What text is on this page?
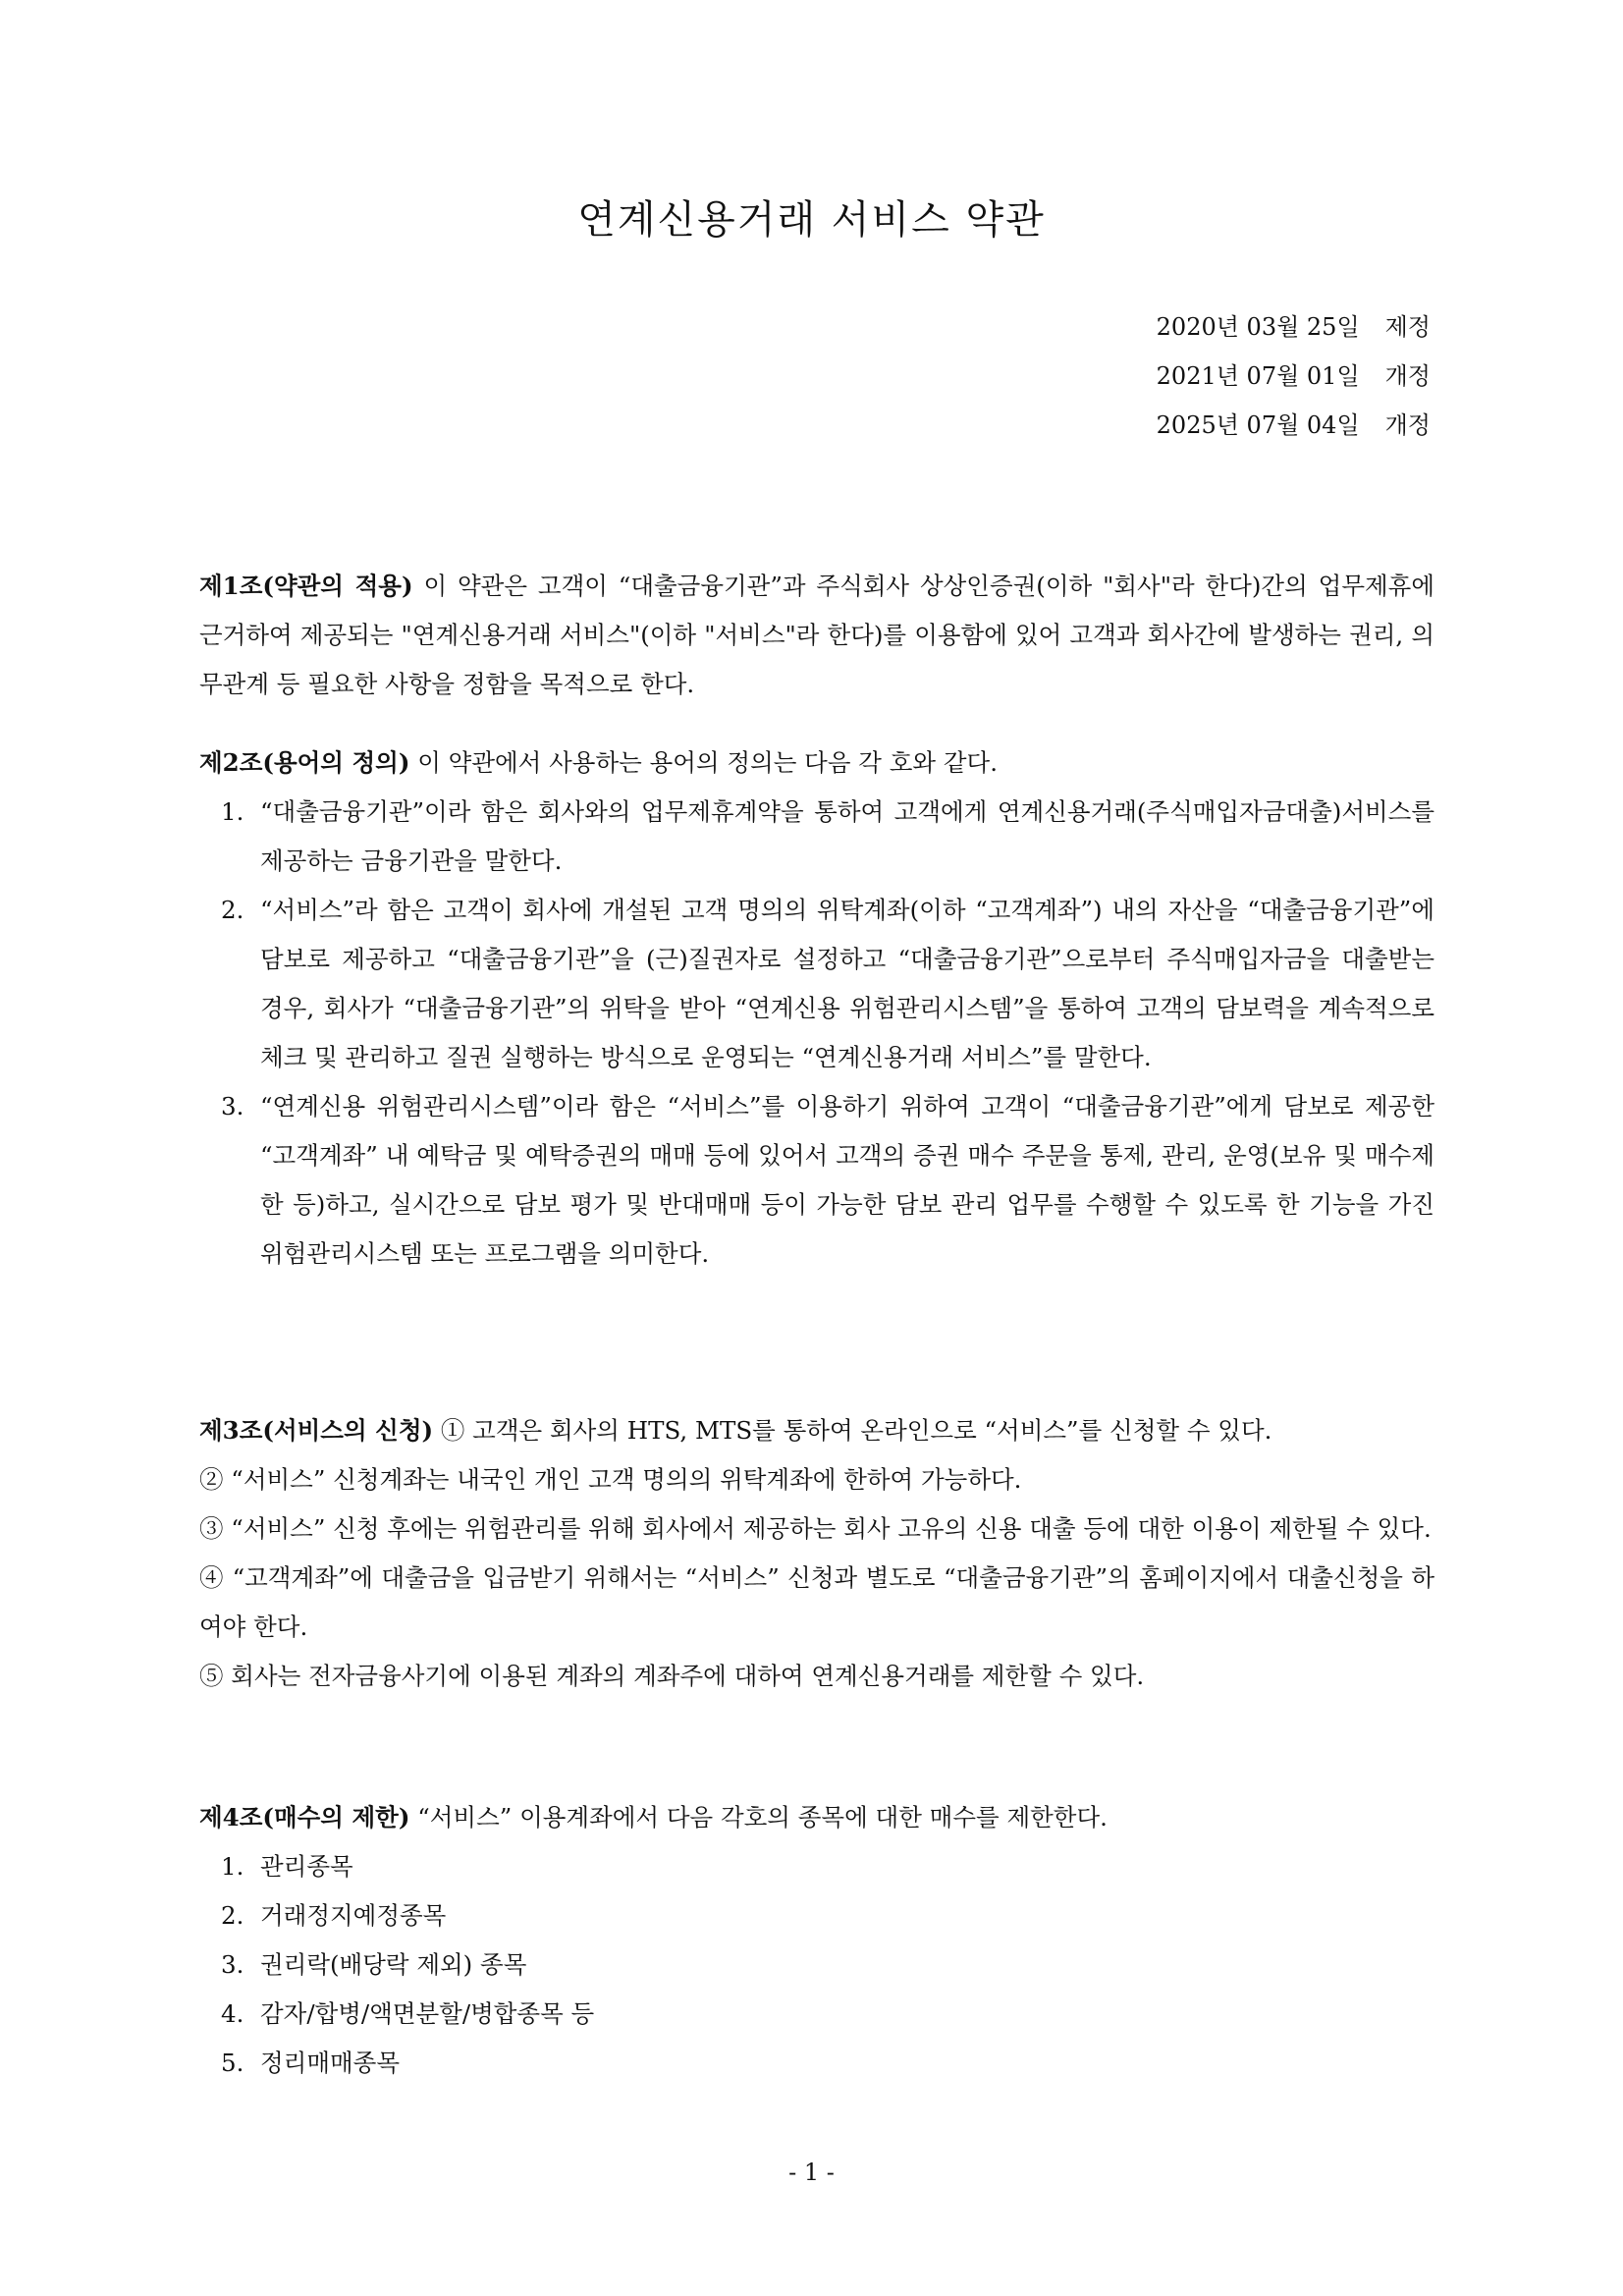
연계신용거래 서비스 약관
2020년 03월 25일 제정
2021년 07월 01일 개정
2025년 07월 04일 개정

제1조(약관의 적용) 이 약관은 고객이 “대출금융기관”과 주식회사 상상인증권(이하 "회사"라 한다)간의 업무제휴에 근거하여 제공되는 "연계신용거래 서비스"(이하 "서비스"라 한다)를 이용함에 있어 고객과 회사간에 발생하는 권리, 의무관계 등 필요한 사항을 정함을 목적으로 한다.

제2조(용어의 정의) 이 약관에서 사용하는 용어의 정의는 다음 각 호와 같다.

1. “대출금융기관”이라 함은 회사와의 업무제휴계약을 통하여 고객에게 연계신용거래(주식매입자금대출)서비스를 제공하는 금융기관을 말한다.
2. “서비스”라 함은 고객이 회사에 개설된 고객 명의의 위탁계좌(이하 “고객계좌”) 내의 자산을 “대출금융기관”에 담보로 제공하고 “대출금융기관”을 (근)질권자로 설정하고 “대출금융기관”으로부터 주식매입자금을 대출받는 경우, 회사가 “대출금융기관”의 위탁을 받아 “연계신용 위험관리시스템”을 통하여 고객의 담보력을 계속적으로 체크 및 관리하고 질권 실행하는 방식으로 운영되는 “연계신용거래 서비스”를 말한다.
3. “연계신용 위험관리시스템”이라 함은 “서비스”를 이용하기 위하여 고객이 “대출금융기관”에게 담보로 제공한 “고객계좌” 내 예탁금 및 예탁증권의 매매 등에 있어서 고객의 증권 매수 주문을 통제, 관리, 운영(보유 및 매수제한 등)하고, 실시간으로 담보 평가 및 반대매매 등이 가능한 담보 관리 업무를 수행할 수 있도록 한 기능을 가진 위험관리시스템 또는 프로그램을 의미한다.

제3조(서비스의 신청) ① 고객은 회사의 HTS, MTS를 통하여 온라인으로 “서비스”를 신청할 수 있다.

② “서비스” 신청계좌는 내국인 개인 고객 명의의 위탁계좌에 한하여 가능하다.

③ “서비스” 신청 후에는 위험관리를 위해 회사에서 제공하는 회사 고유의 신용 대출 등에 대한 이용이 제한될 수 있다.

④ “고객계좌”에 대출금을 입금받기 위해서는 “서비스” 신청과 별도로 “대출금융기관”의 홈페이지에서 대출신청을 하여야 한다.

⑤ 회사는 전자금융사기에 이용된 계좌의 계좌주에 대하여 연계신용거래를 제한할 수 있다.

제4조(매수의 제한) “서비스” 이용계좌에서 다음 각호의 종목에 대한 매수를 제한한다.

1. 관리종목
2. 거래정지예정종목
3. 권리락(배당락 제외) 종목
4. 감자/합병/액면분할/병합종목 등
5. 정리매매종목
- 1 -
